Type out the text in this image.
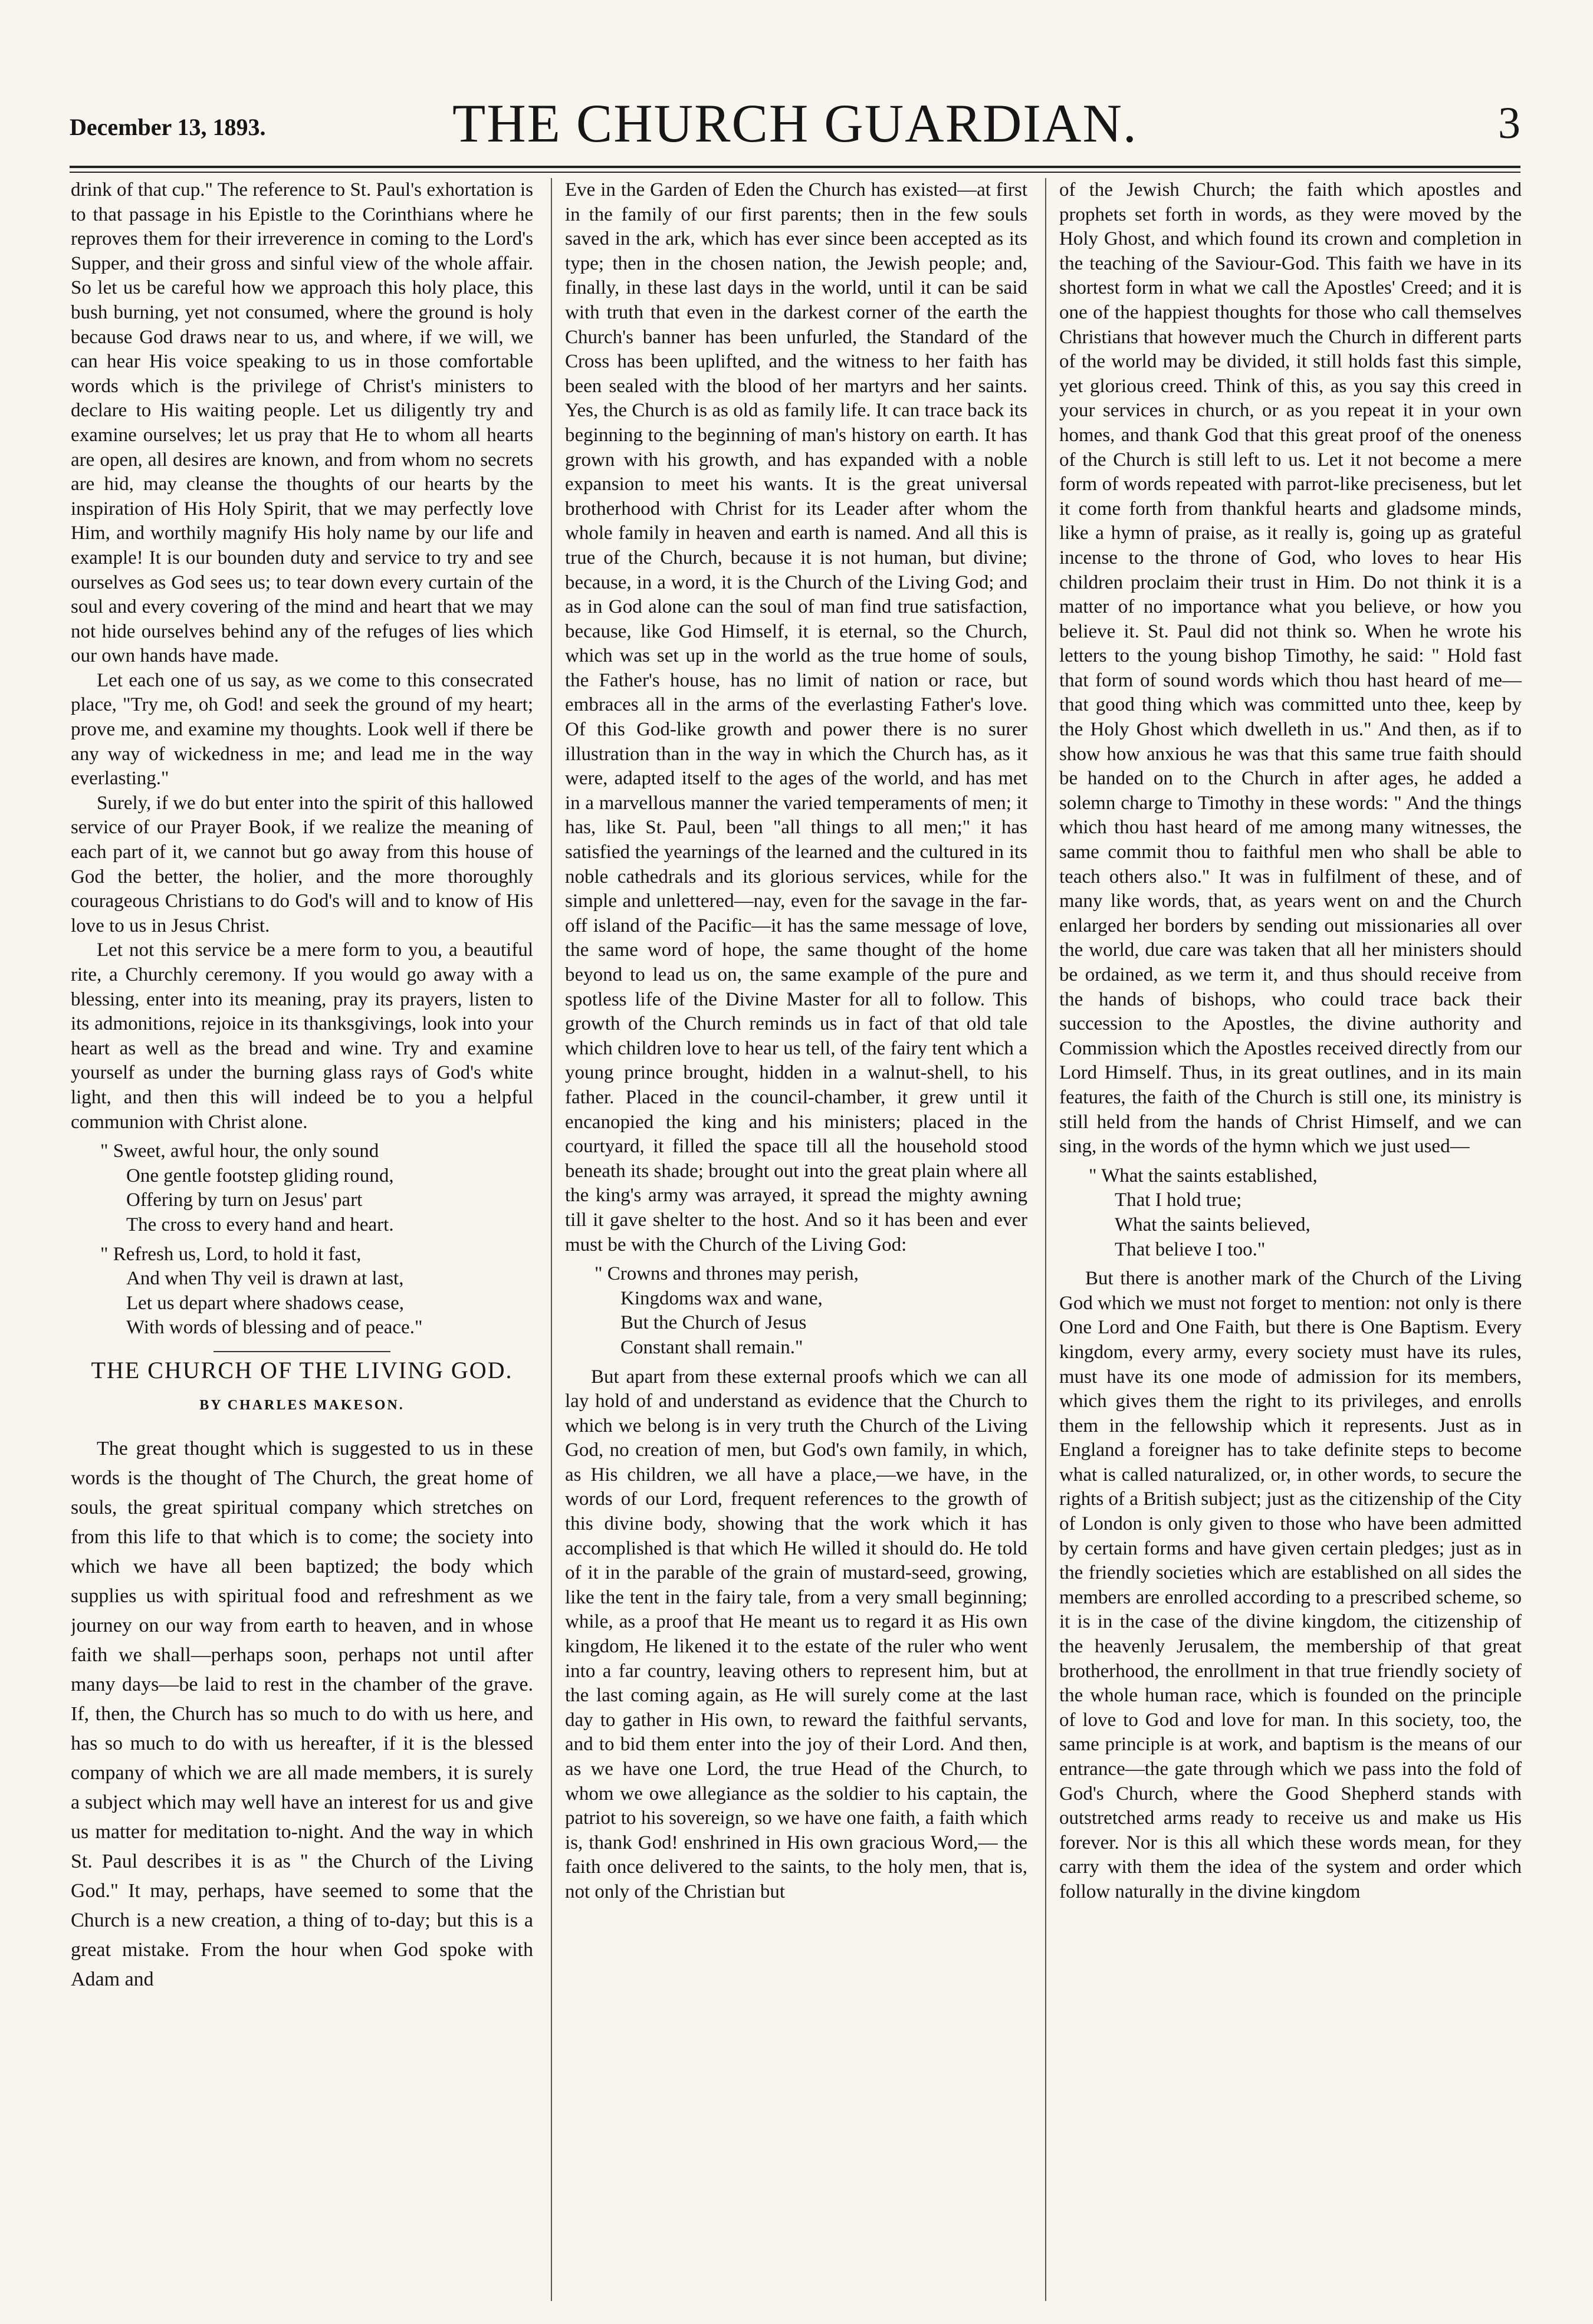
December 13, 1893.	THE CHURCH GUARDIAN.	3

drink of that cup." The reference to St. Paul's exhortation is to that passage in his Epistle to the Corinthians where he reproves them for their irreverence in coming to the Lord's Supper, and their gross and sinful view of the whole affair. So let us be careful how we approach this holy place, this bush burning, yet not consumed, where the ground is holy because God draws near to us, and where, if we will, we can hear His voice speaking to us in those comfortable words which is the privilege of Christ's ministers to declare to His waiting people. Let us diligently try and examine ourselves; let us pray that He to whom all hearts are open, all desires are known, and from whom no secrets are hid, may cleanse the thoughts of our hearts by the inspiration of His Holy Spirit, that we may perfectly love Him, and worthily magnify His holy name by our life and example! It is our bounden duty and service to try and see ourselves as God sees us; to tear down every curtain of the soul and every covering of the mind and heart that we may not hide ourselves behind any of the refuges of lies which our own hands have made.

Let each one of us say, as we come to this consecrated place, "Try me, oh God! and seek the ground of my heart; prove me, and examine my thoughts. Look well if there be any way of wickedness in me; and lead me in the way everlasting."

Surely, if we do but enter into the spirit of this hallowed service of our Prayer Book, if we realize the meaning of each part of it, we cannot but go away from this house of God the better, the holier, and the more thoroughly courageous Christians to do God's will and to know of His love to us in Jesus Christ.

Let not this service be a mere form to you, a beautiful rite, a Churchly ceremony. If you would go away with a blessing, enter into its meaning, pray its prayers, listen to its admonitions, rejoice in its thanksgivings, look into your heart as well as the bread and wine. Try and examine yourself as under the burning glass rays of God's white light, and then this will indeed be to you a helpful communion with Christ alone.

" Sweet, awful hour, the only sound
One gentle footstep gliding round,
Offering by turn on Jesus' part
The cross to every hand and heart.
" Refresh us, Lord, to hold it fast,
And when Thy veil is drawn at last,
Let us depart where shadows cease,
With words of blessing and of peace."
THE CHURCH OF THE LIVING GOD.
BY CHARLES MAKESON.

The great thought which is suggested to us in these words is the thought of The Church, the great home of souls, the great spiritual company which stretches on from this life to that which is to come; the society into which we have all been baptized; the body which supplies us with spiritual food and refreshment as we journey on our way from earth to heaven, and in whose faith we shall—perhaps soon, perhaps not until after many days—be laid to rest in the chamber of the grave. If, then, the Church has so much to do with us here, and has so much to do with us hereafter, if it is the blessed company of which we are all made members, it is surely a subject which may well have an interest for us and give us matter for meditation to-night. And the way in which St. Paul describes it is as " the Church of the Living God." It may, perhaps, have seemed to some that the Church is a new creation, a thing of to-day; but this is a great mistake. From the hour when God spoke with Adam and

Eve in the Garden of Eden the Church has existed—at first in the family of our first parents; then in the few souls saved in the ark, which has ever since been accepted as its type; then in the chosen nation, the Jewish people; and, finally, in these last days in the world, until it can be said with truth that even in the darkest corner of the earth the Church's banner has been unfurled, the Standard of the Cross has been uplifted, and the witness to her faith has been sealed with the blood of her martyrs and her saints. Yes, the Church is as old as family life. It can trace back its beginning to the beginning of man's history on earth. It has grown with his growth, and has expanded with a noble expansion to meet his wants. It is the great universal brotherhood with Christ for its Leader after whom the whole family in heaven and earth is named. And all this is true of the Church, because it is not human, but divine; because, in a word, it is the Church of the Living God; and as in God alone can the soul of man find true satisfaction, because, like God Himself, it is eternal, so the Church, which was set up in the world as the true home of souls, the Father's house, has no limit of nation or race, but embraces all in the arms of the everlasting Father's love. Of this God-like growth and power there is no surer illustration than in the way in which the Church has, as it were, adapted itself to the ages of the world, and has met in a marvellous manner the varied temperaments of men; it has, like St. Paul, been "all things to all men;" it has satisfied the yearnings of the learned and the cultured in its noble cathedrals and its glorious services, while for the simple and unlettered—nay, even for the savage in the far-off island of the Pacific—it has the same message of love, the same word of hope, the same thought of the home beyond to lead us on, the same example of the pure and spotless life of the Divine Master for all to follow. This growth of the Church reminds us in fact of that old tale which children love to hear us tell, of the fairy tent which a young prince brought, hidden in a walnut-shell, to his father. Placed in the council-chamber, it grew until it encanopied the king and his ministers; placed in the courtyard, it filled the space till all the household stood beneath its shade; brought out into the great plain where all the king's army was arrayed, it spread the mighty awning till it gave shelter to the host. And so it has been and ever must be with the Church of the Living God:

" Crowns and thrones may perish,
Kingdoms wax and wane,
But the Church of Jesus
Constant shall remain."

But apart from these external proofs which we can all lay hold of and understand as evidence that the Church to which we belong is in very truth the Church of the Living God, no creation of men, but God's own family, in which, as His children, we all have a place,—we have, in the words of our Lord, frequent references to the growth of this divine body, showing that the work which it has accomplished is that which He willed it should do. He told of it in the parable of the grain of mustard-seed, growing, like the tent in the fairy tale, from a very small beginning; while, as a proof that He meant us to regard it as His own kingdom, He likened it to the estate of the ruler who went into a far country, leaving others to represent him, but at the last coming again, as He will surely come at the last day to gather in His own, to reward the faithful servants, and to bid them enter into the joy of their Lord. And then, as we have one Lord, the true Head of the Church, to whom we owe allegiance as the soldier to his captain, the patriot to his sovereign, so we have one faith, a faith which is, thank God! enshrined in His own gracious Word,— the faith once delivered to the saints, to the holy men, that is, not only of the Christian but

of the Jewish Church; the faith which apostles and prophets set forth in words, as they were moved by the Holy Ghost, and which found its crown and completion in the teaching of the Saviour-God. This faith we have in its shortest form in what we call the Apostles' Creed; and it is one of the happiest thoughts for those who call themselves Christians that however much the Church in different parts of the world may be divided, it still holds fast this simple, yet glorious creed. Think of this, as you say this creed in your services in church, or as you repeat it in your own homes, and thank God that this great proof of the oneness of the Church is still left to us. Let it not become a mere form of words repeated with parrot-like preciseness, but let it come forth from thankful hearts and gladsome minds, like a hymn of praise, as it really is, going up as grateful incense to the throne of God, who loves to hear His children proclaim their trust in Him. Do not think it is a matter of no importance what you believe, or how you believe it. St. Paul did not think so. When he wrote his letters to the young bishop Timothy, he said: " Hold fast that form of sound words which thou hast heard of me— that good thing which was committed unto thee, keep by the Holy Ghost which dwelleth in us." And then, as if to show how anxious he was that this same true faith should be handed on to the Church in after ages, he added a solemn charge to Timothy in these words: " And the things which thou hast heard of me among many witnesses, the same commit thou to faithful men who shall be able to teach others also." It was in fulfilment of these, and of many like words, that, as years went on and the Church enlarged her borders by sending out missionaries all over the world, due care was taken that all her ministers should be ordained, as we term it, and thus should receive from the hands of bishops, who could trace back their succession to the Apostles, the divine authority and Commission which the Apostles received directly from our Lord Himself. Thus, in its great outlines, and in its main features, the faith of the Church is still one, its ministry is still held from the hands of Christ Himself, and we can sing, in the words of the hymn which we just used—

" What the saints established,
That I hold true;
What the saints believed,
That believe I too."

But there is another mark of the Church of the Living God which we must not forget to mention: not only is there One Lord and One Faith, but there is One Baptism. Every kingdom, every army, every society must have its rules, must have its one mode of admission for its members, which gives them the right to its privileges, and enrolls them in the fellowship which it represents. Just as in England a foreigner has to take definite steps to become what is called naturalized, or, in other words, to secure the rights of a British subject; just as the citizenship of the City of London is only given to those who have been admitted by certain forms and have given certain pledges; just as in the friendly societies which are established on all sides the members are enrolled according to a prescribed scheme, so it is in the case of the divine kingdom, the citizenship of the heavenly Jerusalem, the membership of that great brotherhood, the enrollment in that true friendly society of the whole human race, which is founded on the principle of love to God and love for man. In this society, too, the same principle is at work, and baptism is the means of our entrance—the gate through which we pass into the fold of God's Church, where the Good Shepherd stands with outstretched arms ready to receive us and make us His forever. Nor is this all which these words mean, for they carry with them the idea of the system and order which follow naturally in the divine kingdom
